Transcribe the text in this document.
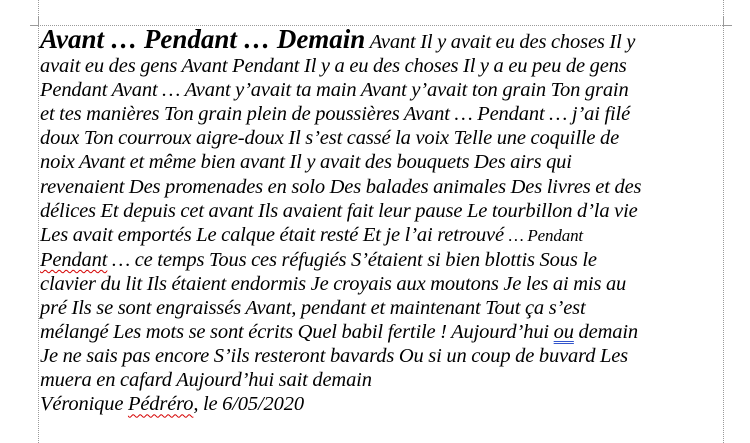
Avant … Pendant … Demain Avant Il y avait eu des choses Il y
avait eu des gens Avant Pendant Il y a eu des choses Il y a eu peu de gens
Pendant Avant … Avant y’avait ta main Avant y’avait ton grain Ton grain
et tes manières Ton grain plein de poussières Avant … Pendant … j’ai filé
doux Ton courroux aigre-doux Il s’est cassé la voix Telle une coquille de
noix Avant et même bien avant Il y avait des bouquets Des airs qui
revenaient Des promenades en solo Des balades animales Des livres et des
délices Et depuis cet avant Ils avaient fait leur pause Le tourbillon d’la vie
Les avait emportés Le calque était resté Et je l’ai retrouvé … Pendant
Pendant … ce temps Tous ces réfugiés S’étaient si bien blottis Sous le
clavier du lit Ils étaient endormis Je croyais aux moutons Je les ai mis au
pré Ils se sont engraissés Avant, pendant et maintenant Tout ça s’est
mélangé Les mots se sont écrits Quel babil fertile ! Aujourd’hui ou demain
Je ne sais pas encore S’ils resteront bavards Ou si un coup de buvard Les
muera en cafard Aujourd’hui sait demain
Véronique Pédréro, le 6/05/2020
